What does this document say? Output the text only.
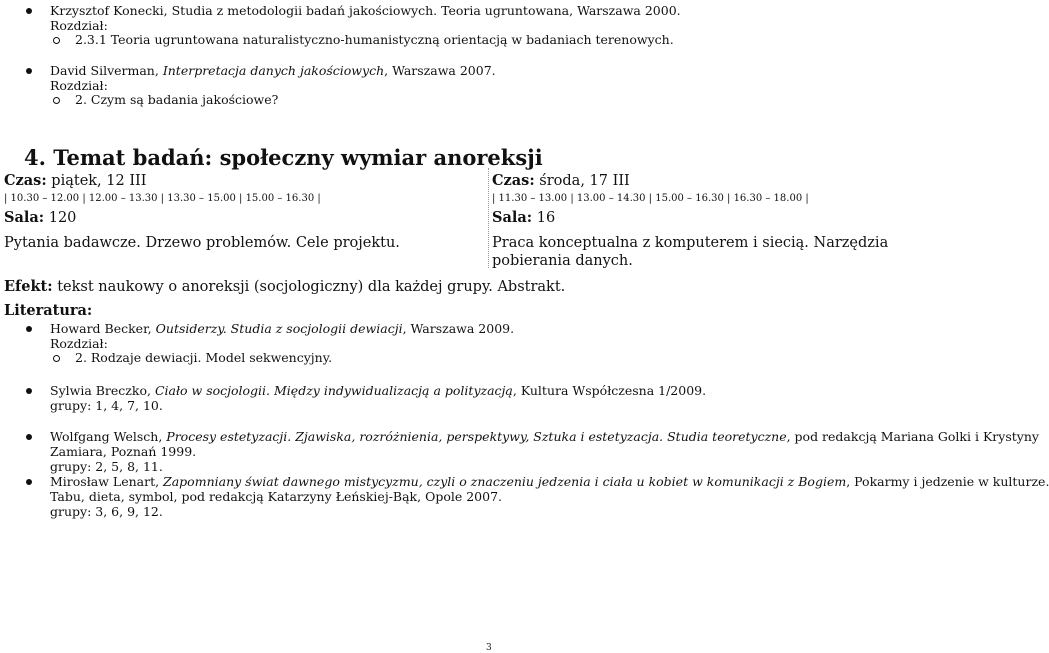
Krzysztof Konecki, Studia z metodologii badań jakościowych. Teoria ugruntowana, Warszawa 2000.
Rozdział:
2.3.1 Teoria ugruntowana naturalistyczno-humanistyczną orientacją w badaniach terenowych.
David Silverman, Interpretacja danych jakościowych, Warszawa 2007.
Rozdział:
2. Czym są badania jakościowe?
4. Temat badań: społeczny wymiar anoreksji
Czas: piątek, 12 III
| 10.30 – 12.00 | 12.00 – 13.30 | 13.30 – 15.00 | 15.00 – 16.30 |
Sala: 120
Pytania badawcze. Drzewo problemów. Cele projektu.
Czas: środa, 17 III
| 11.30 – 13.00 | 13.00 – 14.30 | 15.00 – 16.30 | 16.30 – 18.00 |
Sala: 16
Praca konceptualna z komputerem i siecią. Narzędzia pobierania danych.
Efekt: tekst naukowy o anoreksji (socjologiczny) dla każdej grupy. Abstrakt.
Literatura:
Howard Becker, Outsiderzy. Studia z socjologii dewiacji, Warszawa 2009.
Rozdział:
2. Rodzaje dewiacji. Model sekwencyjny.
Sylwia Breczko, Ciało w socjologii. Między indywidualizacją a polityzacją, Kultura Współczesna 1/2009.
grupy: 1, 4, 7, 10.
Wolfgang Welsch, Procesy estetyzacji. Zjawiska, rozróżnienia, perspektywy, Sztuka i estetyzacja. Studia teoretyczne, pod redakcją Mariana Golki i Krystyny
Zamiara, Poznań 1999.
grupy: 2, 5, 8, 11.
Mirosław Lenart, Zapomniany świat dawnego mistycyzmu, czyli o znaczeniu jedzenia i ciała u kobiet w komunikacji z Bogiem, Pokarmy i jedzenie w kulturze.
Tabu, dieta, symbol, pod redakcją Katarzyny Łeńskiej-Bąk, Opole 2007.
grupy: 3, 6, 9, 12.
3
